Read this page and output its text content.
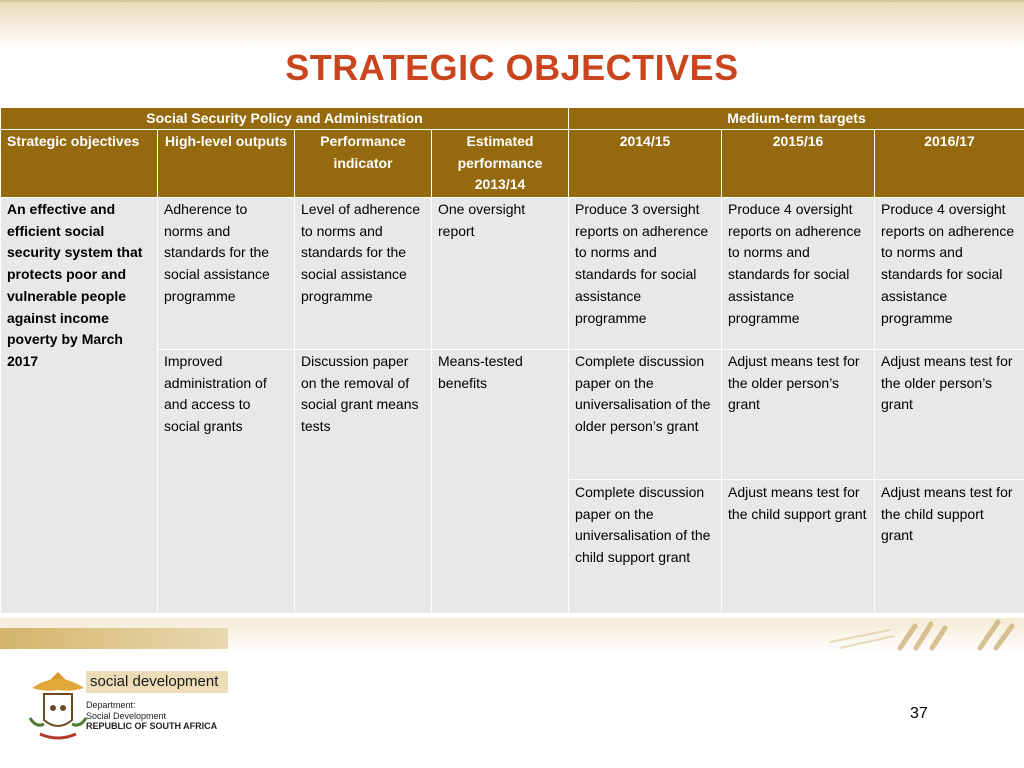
STRATEGIC OBJECTIVES
Social Security Policy and Administration				Medium-term targets		
Strategic objectives	High-level outputs	Performance indicator	Estimated performance 2013/14	2014/15	2015/16	2016/17
An effective and efficient social security system that protects poor and vulnerable people against income poverty by March 2017	Adherence to norms and standards for the social assistance programme	Level of adherence to norms and standards for the social assistance programme	One oversight report	Produce 3 oversight reports on adherence to norms and standards for social assistance programme	Produce 4 oversight reports on adherence to norms and standards for social assistance programme	Produce 4 oversight reports on adherence to norms and standards for social assistance programme
	Improved administration of and access to social grants	Discussion paper on the removal of social grant means tests	Means-tested benefits	Complete discussion paper on the universalisation of the older person’s grant	Adjust means test for the older person’s grant	Adjust means test for the older person’s grant
				Complete discussion paper on the universalisation of the child support grant	Adjust means test for the child support grant	Adjust means test for the child support grant
social development
Department:
Social Development
REPUBLIC OF SOUTH AFRICA
37
